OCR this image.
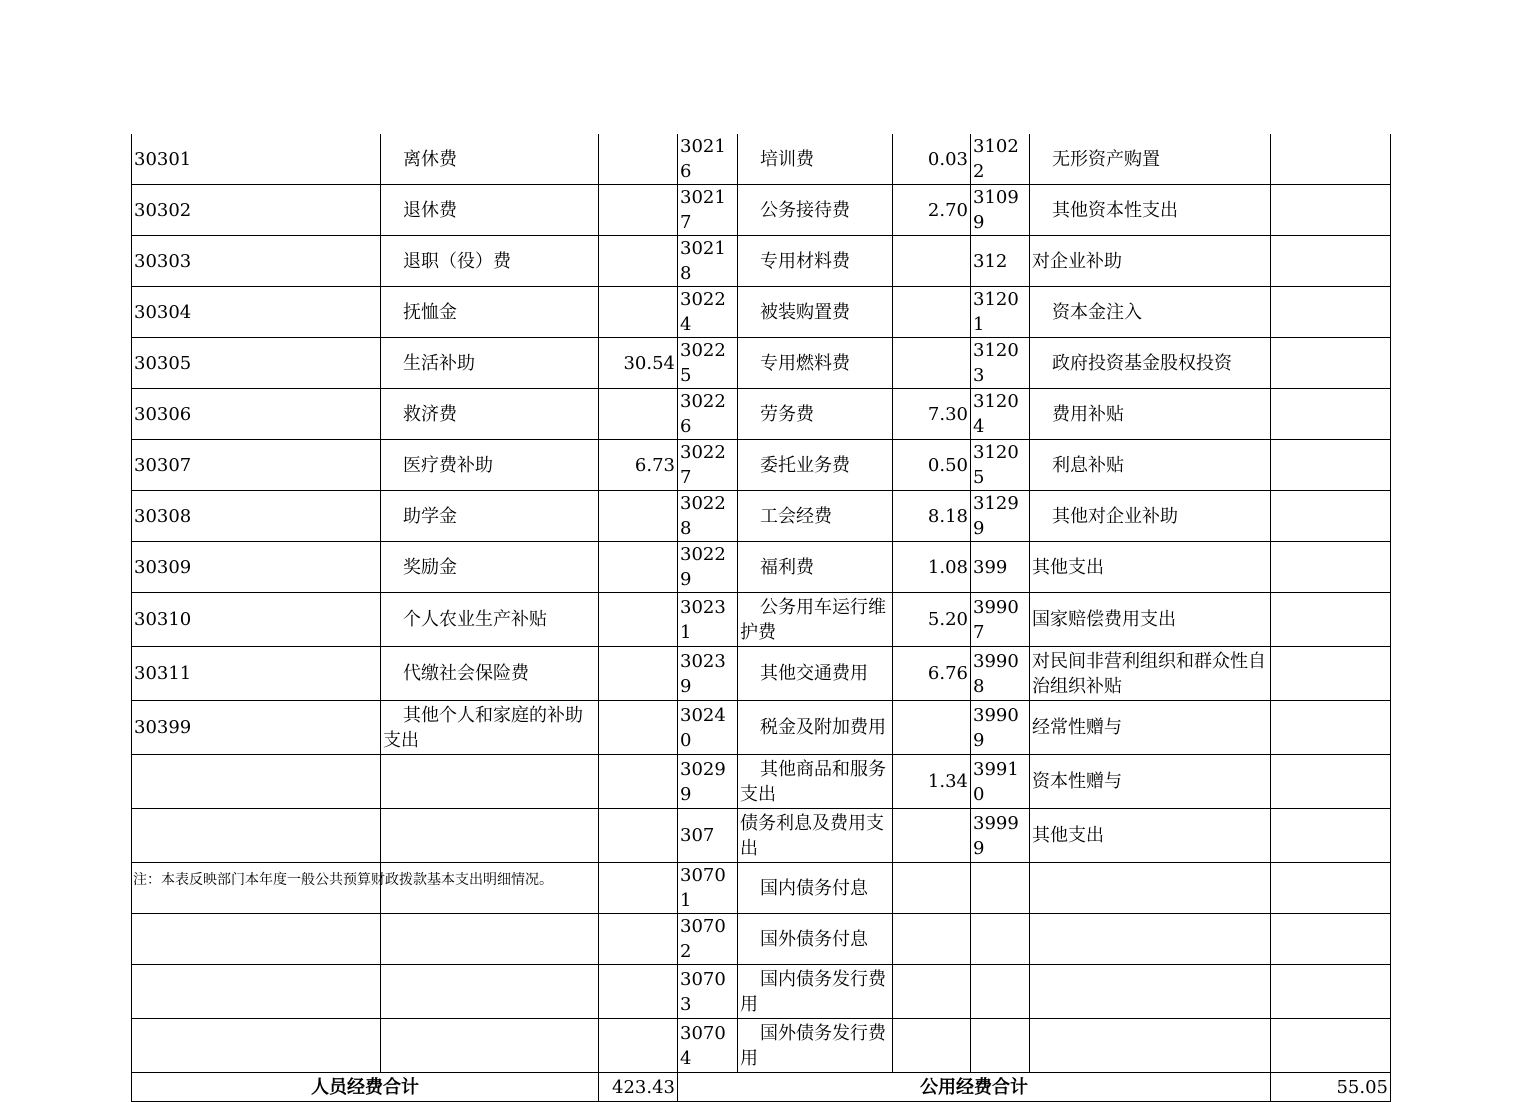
30301	离休费		30216	培训费	0.03	31022	无形资产购置	
30302	退休费		30217	公务接待费	2.70	31099	其他资本性支出	
30303	退职（役）费		30218	专用材料费		312	对企业补助	
30304	抚恤金		30224	被装购置费		31201	资本金注入	
30305	生活补助	30.54	30225	专用燃料费		31203	政府投资基金股权投资	
30306	救济费		30226	劳务费	7.30	31204	费用补贴	
30307	医疗费补助	6.73	30227	委托业务费	0.50	31205	利息补贴	
30308	助学金		30228	工会经费	8.18	31299	其他对企业补助	
30309	奖励金		30229	福利费	1.08	399	其他支出	
30310	个人农业生产补贴		30231	公务用车运行维护费	5.20	39907	国家赔偿费用支出	
30311	代缴社会保险费		30239	其他交通费用	6.76	39908	对民间非营利组织和群众性自治组织补贴	
30399	其他个人和家庭的补助支出		30240	税金及附加费用		39909	经常性赠与	
			30299	其他商品和服务支出	1.34	39910	资本性赠与	
			307	债务利息及费用支出		39999	其他支出	
			30701	国内债务付息				
			30702	国外债务付息				
			30703	国内债务发行费用				
			30704	国外债务发行费用				
人员经费合计		423.43	公用经费合计					55.05
注：本表反映部门本年度一般公共预算财政拨款基本支出明细情况。
